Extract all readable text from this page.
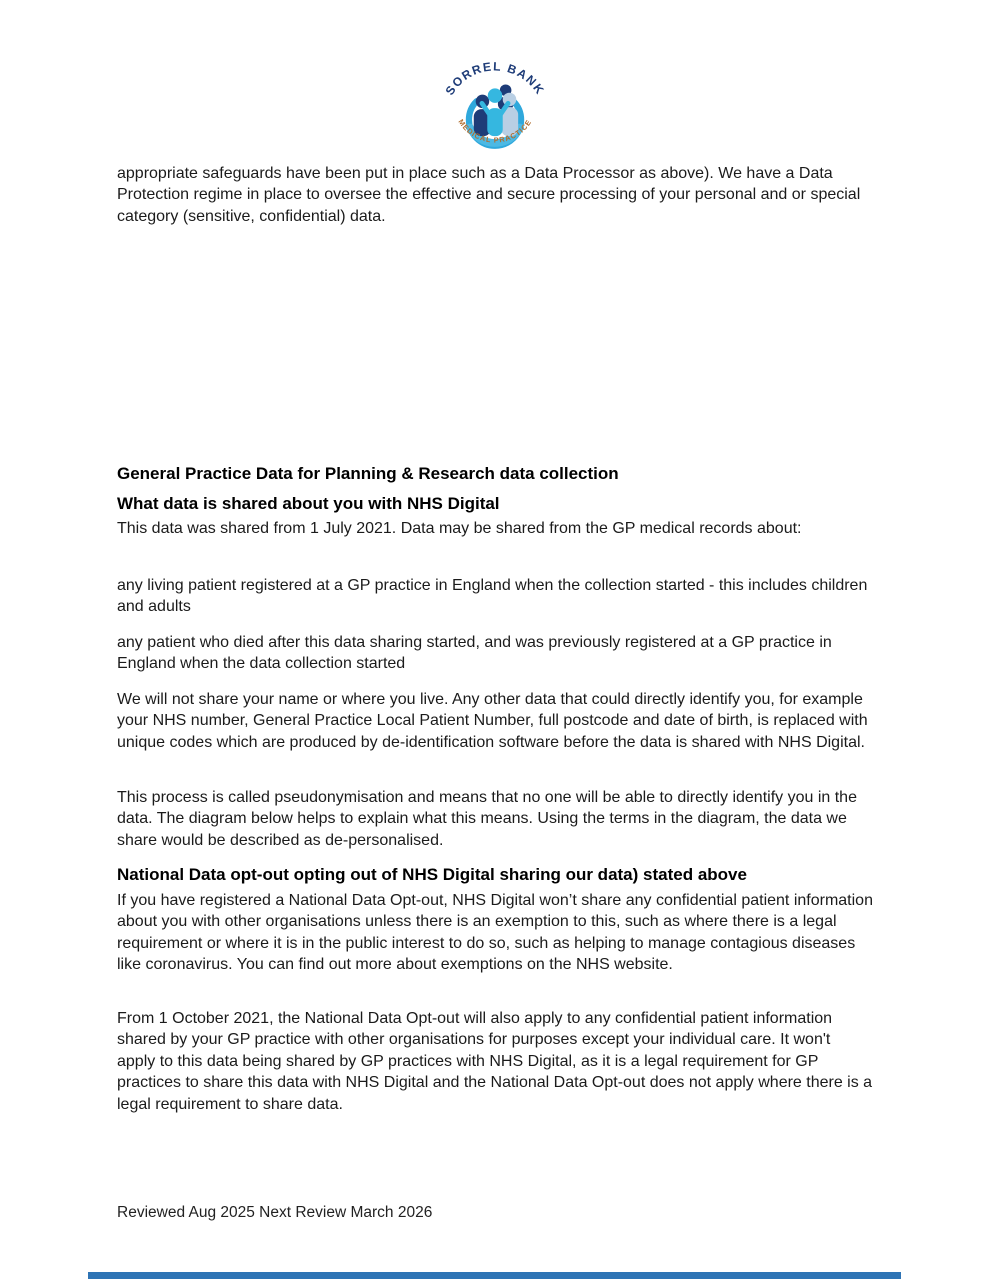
SORREL BANK
MEDICAL PRACTICE

appropriate safeguards have been put in place such as a Data Processor as above). We have a Data Protection regime in place to oversee the effective and secure processing of your personal and or special category (sensitive, confidential) data.

General Practice Data for Planning & Research data collection
What data is shared about you with NHS Digital

This data was shared from 1 July 2021. Data may be shared from the GP medical records about:

any living patient registered at a GP practice in England when the collection started - this includes children and adults

any patient who died after this data sharing started, and was previously registered at a GP practice in England when the data collection started

We will not share your name or where you live. Any other data that could directly identify you, for example your NHS number, General Practice Local Patient Number, full postcode and date of birth, is replaced with unique codes which are produced by de-identification software before the data is shared with NHS Digital.

This process is called pseudonymisation and means that no one will be able to directly identify you in the data. The diagram below helps to explain what this means. Using the terms in the diagram, the data we share would be described as de-personalised.

National Data opt-out opting out of NHS Digital sharing our data) stated above

If you have registered a National Data Opt-out, NHS Digital won’t share any confidential patient information about you with other organisations unless there is an exemption to this, such as where there is a legal requirement or where it is in the public interest to do so, such as helping to manage contagious diseases like coronavirus. You can find out more about exemptions on the NHS website.

From 1 October 2021, the National Data Opt-out will also apply to any confidential patient information shared by your GP practice with other organisations for purposes except your individual care. It won't apply to this data being shared by GP practices with NHS Digital, as it is a legal requirement for GP practices to share this data with NHS Digital and the National Data Opt-out does not apply where there is a legal requirement to share data.

Reviewed Aug 2025 Next Review March 2026
